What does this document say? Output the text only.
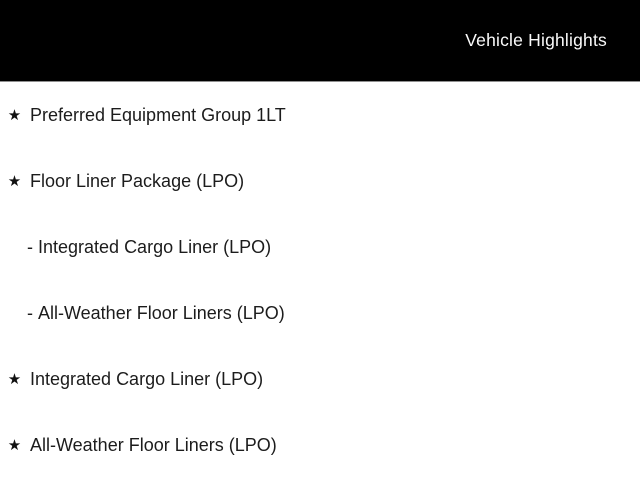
Vehicle Highlights
★ Preferred Equipment Group 1LT
★ Floor Liner Package (LPO)
- Integrated Cargo Liner (LPO)
- All-Weather Floor Liners (LPO)
★ Integrated Cargo Liner (LPO)
★ All-Weather Floor Liners (LPO)
